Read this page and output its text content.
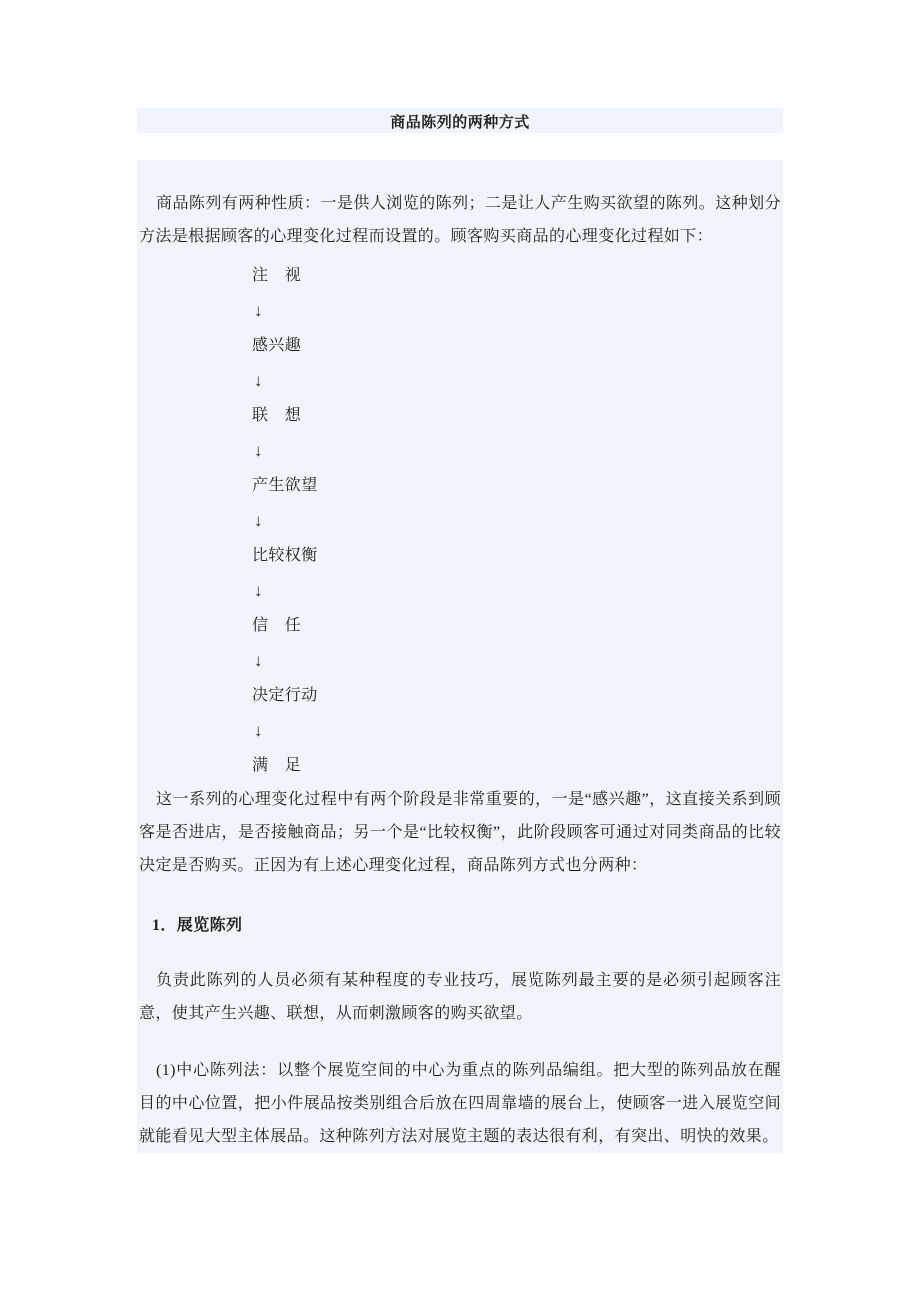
商品陈列的两种方式

商品陈列有两种性质：一是供人浏览的陈列；二是让人产生购买欲望的陈列。这种划分方法是根据顾客的心理变化过程而设置的。顾客购买商品的心理变化过程如下：

注　视
↓
感兴趣
↓
联　想
↓
产生欲望
↓
比较权衡
↓
信　任
↓
决定行动
↓
满　足

这一系列的心理变化过程中有两个阶段是非常重要的，一是“感兴趣”，这直接关系到顾客是否进店，是否接触商品；另一个是“比较权衡”，此阶段顾客可通过对同类商品的比较决定是否购买。正因为有上述心理变化过程，商品陈列方式也分两种：

1．展览陈列

负责此陈列的人员必须有某种程度的专业技巧，展览陈列最主要的是必须引起顾客注意，使其产生兴趣、联想，从而刺激顾客的购买欲望。

(1)中心陈列法：以整个展览空间的中心为重点的陈列品编组。把大型的陈列品放在醒目的中心位置，把小件展品按类别组合后放在四周靠墙的展台上，使顾客一进入展览空间就能看见大型主体展品。这种陈列方法对展览主题的表达很有利，有突出、明快的效果。
